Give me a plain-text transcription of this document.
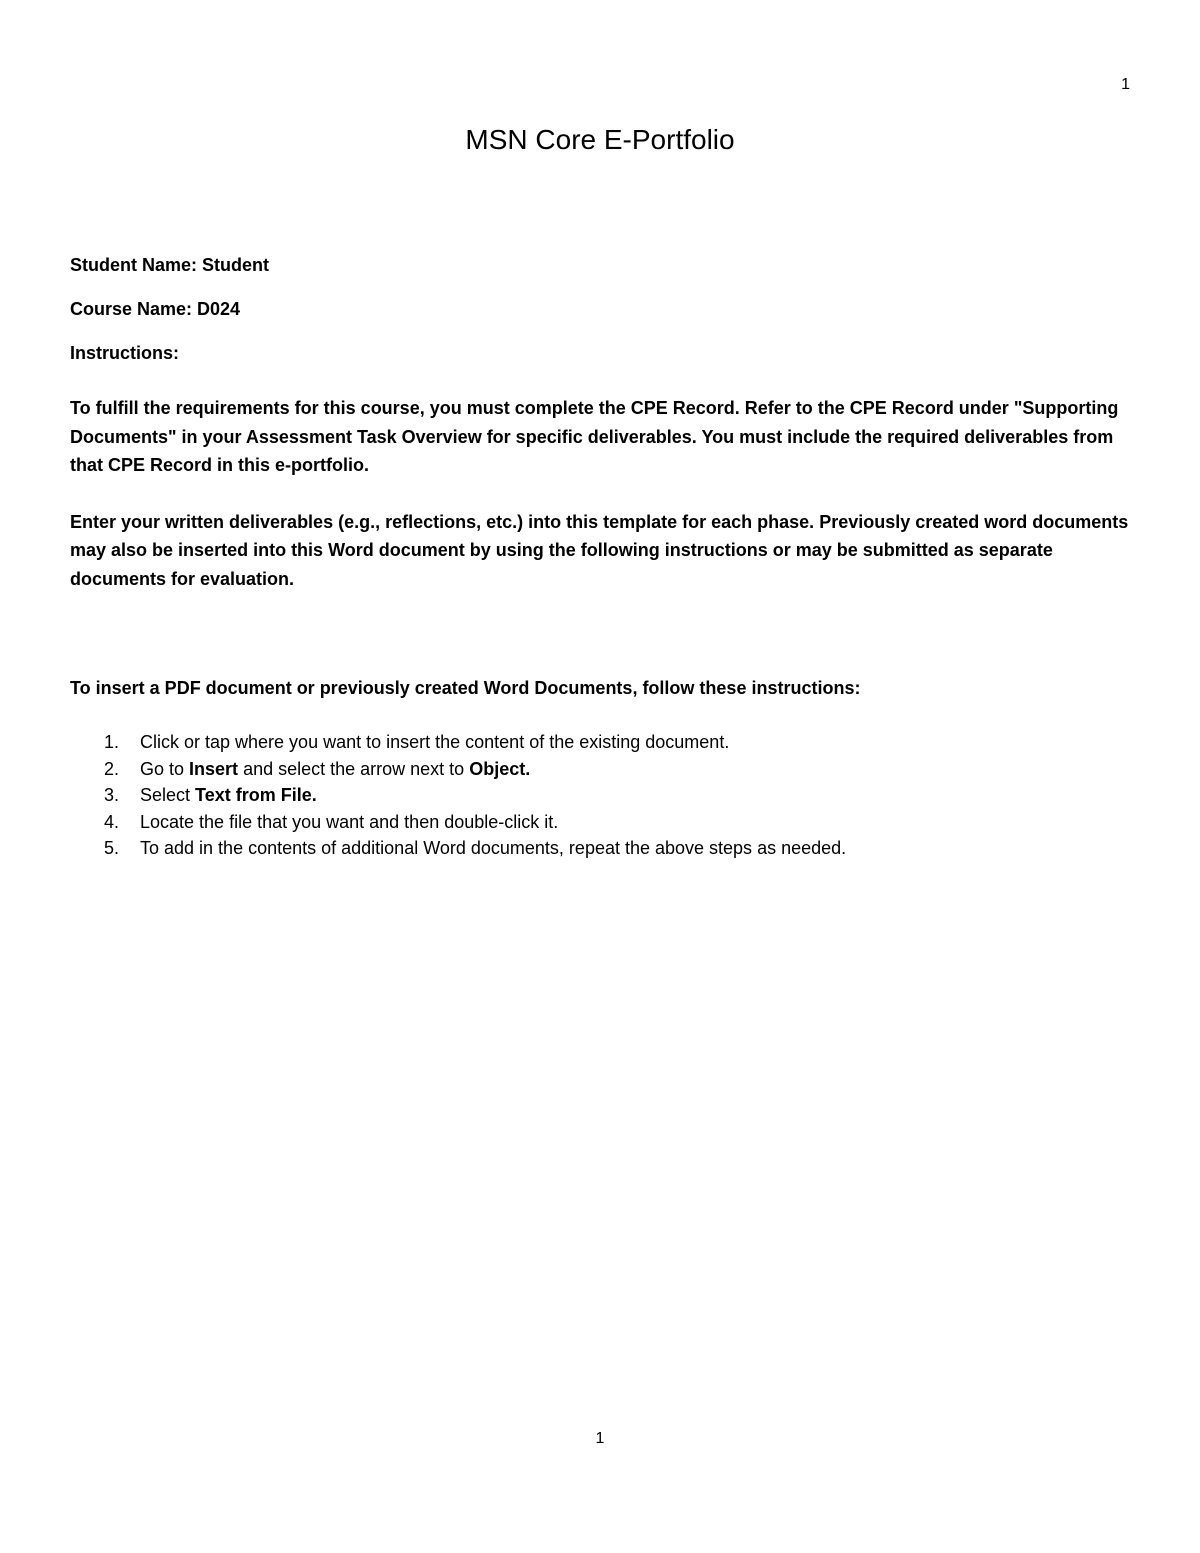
1
MSN Core E-Portfolio

Student Name: Student

Course Name: D024

Instructions:

To fulfill the requirements for this course, you must complete the CPE Record. Refer to the CPE Record under "Supporting Documents" in your Assessment Task Overview for specific deliverables. You must include the required deliverables from that CPE Record in this e-portfolio.

Enter your written deliverables (e.g., reflections, etc.) into this template for each phase. Previously created word documents may also be inserted into this Word document by using the following instructions or may be submitted as separate documents for evaluation.

To insert a PDF document or previously created Word Documents, follow these instructions:

1.	Click or tap where you want to insert the content of the existing document.
2.	Go to Insert and select the arrow next to Object.
3.	Select Text from File.
4.	Locate the file that you want and then double-click it.
5.	To add in the contents of additional Word documents, repeat the above steps as needed.
1
